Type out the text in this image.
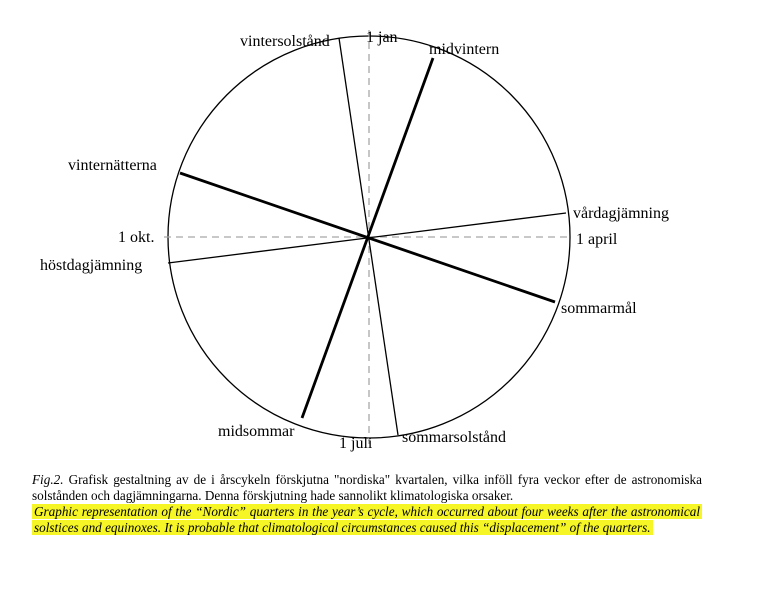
vintersolstånd 1 jan
midvintern
vinternätterna
vårdagjämning
1 okt.	1 april
höstdagjämning
sommarmål
midsommar
1 juli sommarsolstånd

Fig.2. Grafisk gestaltning av de i årscykeln förskjutna "nordiska" kvartalen, vilka inföll fyra veckor efter de astronomiska solstånden och dagjämningarna. Denna förskjutning hade sannolikt klimatologiska orsaker.

Graphic representation of the “Nordic” quarters in the year’s cycle, which occurred about four weeks after the astronomical solstices and equinoxes. It is probable that climatological circumstances caused this “displacement” of the quarters.
